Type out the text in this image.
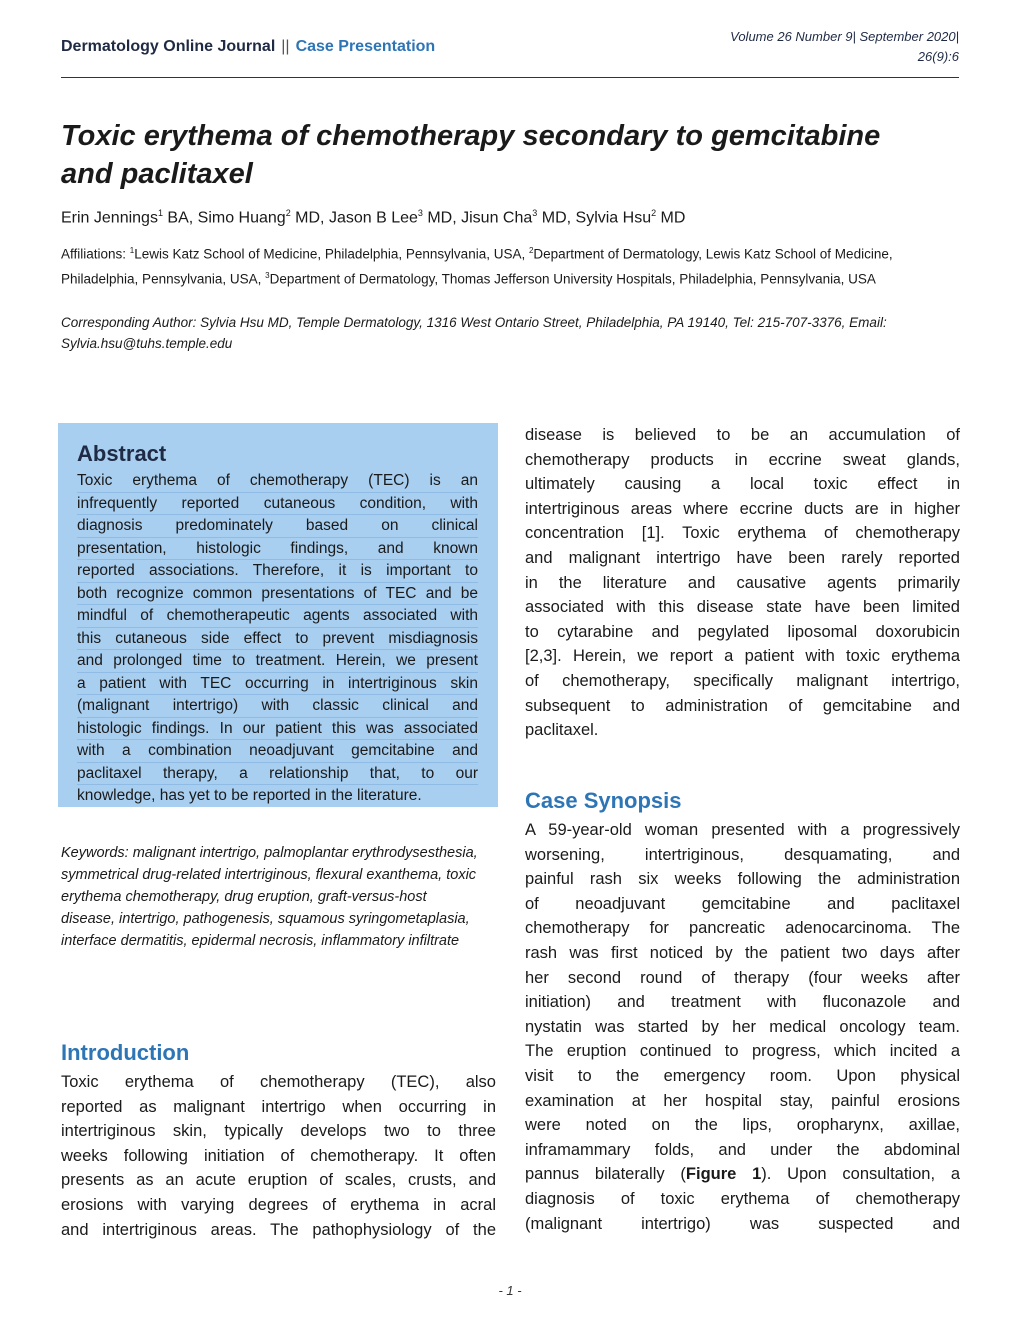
Dermatology Online Journal || Case Presentation
Volume 26 Number 9| September 2020|
26(9):6
Toxic erythema of chemotherapy secondary to gemcitabine
and paclitaxel
Erin Jennings$^1$ BA, Simo Huang$^2$ MD, Jason B Lee$^3$ MD, Jisun Cha$^3$ MD, Sylvia Hsu$^2$ MD
Affiliations: $^1$Lewis Katz School of Medicine, Philadelphia, Pennsylvania, USA, $^2$Department of Dermatology, Lewis Katz School of Medicine, Philadelphia, Pennsylvania, USA, $^3$Department of Dermatology, Thomas Jefferson University Hospitals, Philadelphia, Pennsylvania, USA
Corresponding Author: Sylvia Hsu MD, Temple Dermatology, 1316 West Ontario Street, Philadelphia, PA 19140, Tel: 215-707-3376, Email: Sylvia.hsu@tuhs.temple.edu
Abstract
Toxic erythema of chemotherapy (TEC) is an
infrequently reported cutaneous condition, with
diagnosis predominately based on clinical
presentation, histologic findings, and known
reported associations. Therefore, it is important to
both recognize common presentations of TEC and be
mindful of chemotherapeutic agents associated with
this cutaneous side effect to prevent misdiagnosis
and prolonged time to treatment. Herein, we present
a patient with TEC occurring in intertriginous skin
(malignant intertrigo) with classic clinical and
histologic findings. In our patient this was associated
with a combination neoadjuvant gemcitabine and
paclitaxel therapy, a relationship that, to our
knowledge, has yet to be reported in the literature.
Keywords: malignant intertrigo, palmoplantar erythrodysesthesia, symmetrical drug-related intertriginous, flexural exanthema, toxic erythema chemotherapy, drug eruption, graft-versus-host disease, intertrigo, pathogenesis, squamous syringometaplasia, interface dermatitis, epidermal necrosis, inflammatory infiltrate
Introduction
Toxic erythema of chemotherapy (TEC), also
reported as malignant intertrigo when occurring in
intertriginous skin, typically develops two to three
weeks following initiation of chemotherapy. It often
presents as an acute eruption of scales, crusts, and
erosions with varying degrees of erythema in acral
and intertriginous areas. The pathophysiology of the
disease is believed to be an accumulation of
chemotherapy products in eccrine sweat glands,
ultimately causing a local toxic effect in
intertriginous areas where eccrine ducts are in higher
concentration [1]. Toxic erythema of chemotherapy
and malignant intertrigo have been rarely reported
in the literature and causative agents primarily
associated with this disease state have been limited
to cytarabine and pegylated liposomal doxorubicin
[2,3]. Herein, we report a patient with toxic erythema
of chemotherapy, specifically malignant intertrigo,
subsequent to administration of gemcitabine and
paclitaxel.
Case Synopsis
A 59-year-old woman presented with a progressively
worsening, intertriginous, desquamating, and
painful rash six weeks following the administration
of neoadjuvant gemcitabine and paclitaxel
chemotherapy for pancreatic adenocarcinoma. The
rash was first noticed by the patient two days after
her second round of therapy (four weeks after
initiation) and treatment with fluconazole and
nystatin was started by her medical oncology team.
The eruption continued to progress, which incited a
visit to the emergency room. Upon physical
examination at her hospital stay, painful erosions
were noted on the lips, oropharynx, axillae,
inframammary folds, and under the abdominal
pannus bilaterally (Figure 1). Upon consultation, a
diagnosis of toxic erythema of chemotherapy
(malignant intertrigo) was suspected and
- 1 -
